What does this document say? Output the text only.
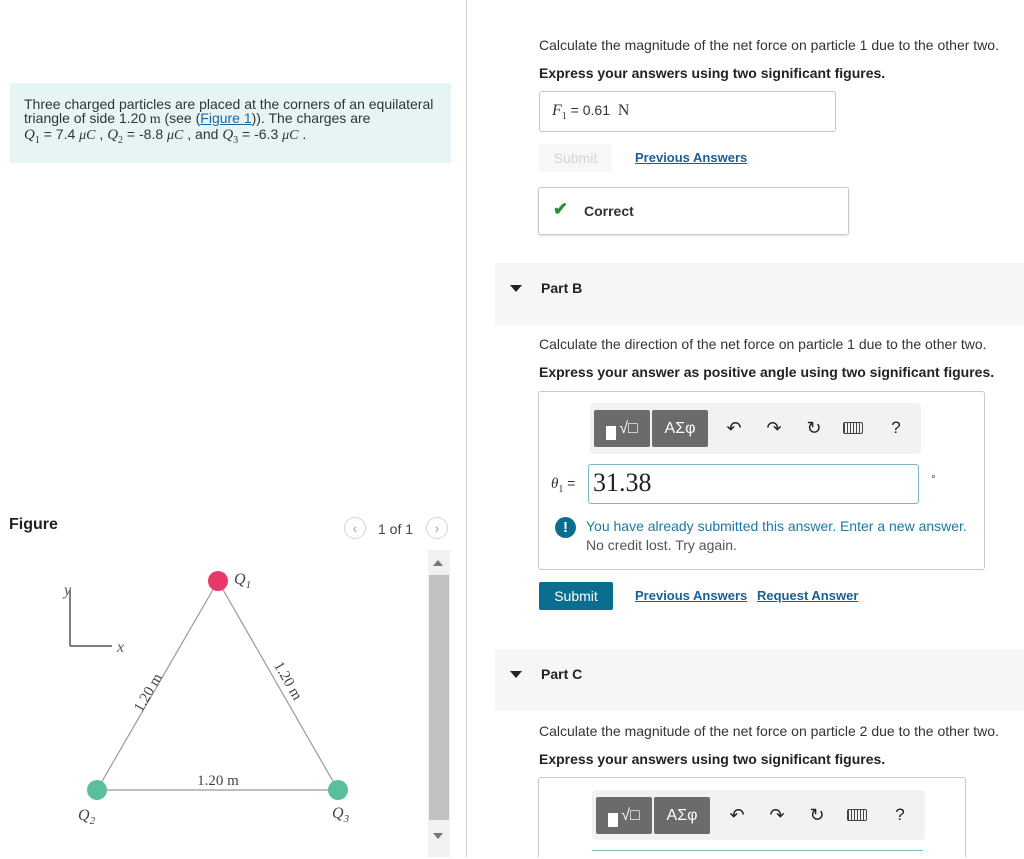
Three charged particles are placed at the corners of an equilateral
triangle of side 1.20 m (see (Figure 1)). The charges are
$Q_1 = 7.4$ μC , $Q_2 = -8.8$ μC , and $Q_3 = -6.3$ μC .
Figure	‹ 1 of 1 ›
y
x
$Q_1$
$Q_2$	$Q_3$
1.20 m	1.20 m
1.20 m
Calculate the magnitude of the net force on particle 1 due to the other two.
Express your answers using two significant figures.
$F_1 = 0.61$ N
Submit	Previous Answers
✔ Correct
Part B
Calculate the direction of the net force on particle 1 due to the other two.
Express your answer as positive angle using two significant figures.
√□	ΑΣφ	↶ ↷ ↻	?
$\theta_1 = 31.38$	°
!	You have already submitted this answer. Enter a new answer.
No credit lost. Try again.
Submit	Previous Answers Request Answer
Part C
Calculate the magnitude of the net force on particle 2 due to the other two.
Express your answers using two significant figures.
√□	ΑΣφ	↶ ↷ ↻	?
